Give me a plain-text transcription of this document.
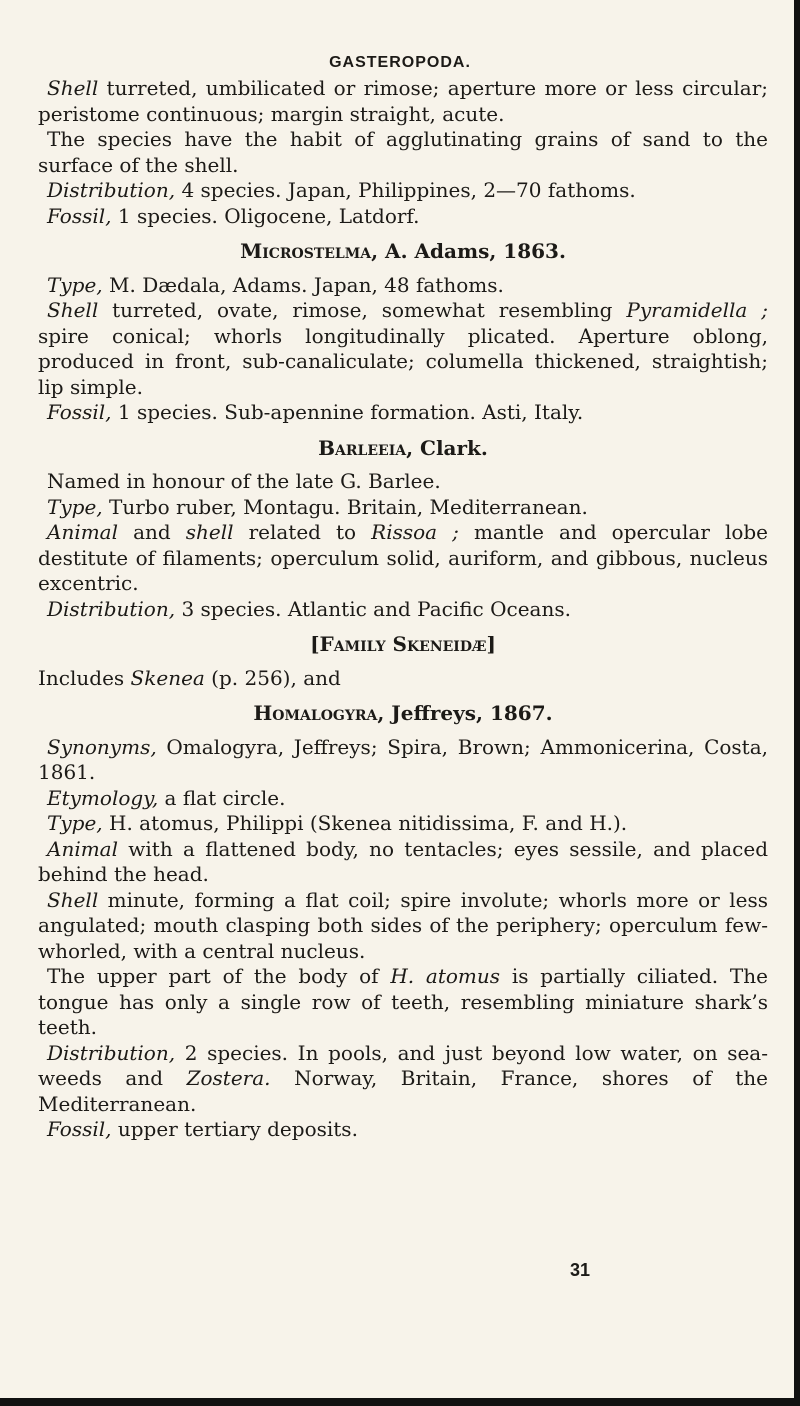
GASTEROPODA.

Shell turreted, umbilicated or rimose; aperture more or less circular; peristome continuous; margin straight, acute.

The species have the habit of agglutinating grains of sand to the surface of the shell.

Distribution, 4 species. Japan, Philippines, 2—70 fathoms.

Fossil, 1 species. Oligocene, Latdorf.

Microstelma, A. Adams, 1863.

Type, M. Dædala, Adams. Japan, 48 fathoms.

Shell turreted, ovate, rimose, somewhat resembling Pyramidella ; spire conical; whorls longitudinally plicated. Aperture oblong, produced in front, sub-canaliculate; columella thickened, straightish; lip simple.

Fossil, 1 species. Sub-apennine formation. Asti, Italy.

Barleeia, Clark.

Named in honour of the late G. Barlee.

Type, Turbo ruber, Montagu. Britain, Mediterranean.

Animal and shell related to Rissoa ; mantle and opercular lobe destitute of filaments; operculum solid, auriform, and gibbous, nucleus excentric.

Distribution, 3 species. Atlantic and Pacific Oceans.

[Family Skeneidæ]

Includes Skenea (p. 256), and

Homalogyra, Jeffreys, 1867.

Synonyms, Omalogyra, Jeffreys; Spira, Brown; Ammonicerina, Costa, 1861.

Etymology, a flat circle.

Type, H. atomus, Philippi (Skenea nitidissima, F. and H.).

Animal with a flattened body, no tentacles; eyes sessile, and placed behind the head.

Shell minute, forming a flat coil; spire involute; whorls more or less angulated; mouth clasping both sides of the periphery; operculum few-whorled, with a central nucleus.

The upper part of the body of H. atomus is partially ciliated. The tongue has only a single row of teeth, resembling miniature shark’s teeth.

Distribution, 2 species. In pools, and just beyond low water, on sea-weeds and Zostera. Norway, Britain, France, shores of the Mediterranean.

Fossil, upper tertiary deposits.

31
